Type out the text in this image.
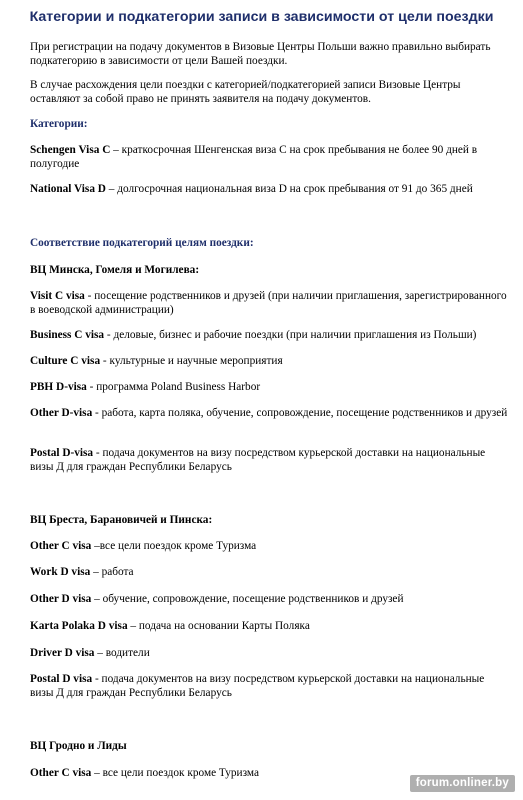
Категории и подкатегории записи в зависимости от цели поездки
При регистрации на подачу документов в Визовые Центры Польши важно правильно выбирать подкатегорию в зависимости от цели Вашей поездки.
В случае расхождения цели поездки с категорией/подкатегорией записи Визовые Центры оставляют за собой право не принять заявителя на подачу документов.
Категории:
Schengen Visa C – краткосрочная Шенгенская виза С на срок пребывания не более 90 дней в полугодие
National Visa D – долгосрочная национальная виза D на срок пребывания от 91 до 365 дней
Соответствие подкатегорий целям поездки:
ВЦ Минска, Гомеля и Могилева:
Visit C visa - посещение родственников и друзей (при наличии приглашения, зарегистрированного в воеводской администрации)
Business C visa - деловые, бизнес и рабочие поездки (при наличии приглашения из Польши)
Culture C visa - культурные и научные мероприятия
PBH D-visa - программа Poland Business Harbor
Other D-visa - работа, карта поляка, обучение, сопровождение, посещение родственников и друзей
Postal D-visa - подача документов на визу посредством курьерской доставки на национальные визы Д для граждан Республики Беларусь
ВЦ Бреста, Барановичей и Пинска:
Other C visa –все цели поездок кроме Туризма
Work D visa – работа
Other D visa – обучение, сопровождение, посещение родственников и друзей
Karta Polaka D visa – подача на основании Карты Поляка
Driver D visa – водители
Postal D visa - подача документов на визу посредством курьерской доставки на национальные визы Д для граждан Республики Беларусь
ВЦ Гродно и Лиды
Other C visa – все цели поездок кроме Туризма
forum.onliner.by
